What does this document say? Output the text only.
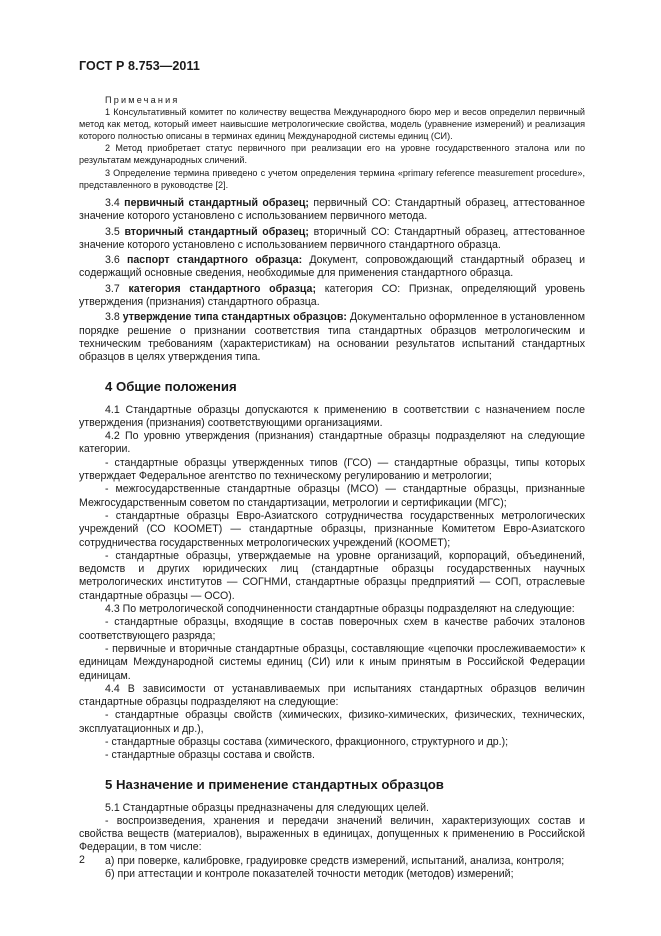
ГОСТ Р 8.753—2011

Примечания

1 Консультативный комитет по количеству вещества Международного бюро мер и весов определил первичный метод как метод, который имеет наивысшие метрологические свойства, модель (уравнение измерений) и реализация которого полностью описаны в терминах единиц Международной системы единиц (СИ).

2 Метод приобретает статус первичного при реализации его на уровне государственного эталона или по результатам международных сличений.

3 Определение термина приведено с учетом определения термина «primary reference measurement procedure», представленного в руководстве [2].

3.4 первичный стандартный образец; первичный СО: Стандартный образец, аттестованное значение которого установлено с использованием первичного метода.

3.5 вторичный стандартный образец; вторичный СО: Стандартный образец, аттестованное значение которого установлено с использованием первичного стандартного образца.

3.6 паспорт стандартного образца: Документ, сопровождающий стандартный образец и содержащий основные сведения, необходимые для применения стандартного образца.

3.7 категория стандартного образца; категория СО: Признак, определяющий уровень утверждения (признания) стандартного образца.

3.8 утверждение типа стандартных образцов: Документально оформленное в установленном порядке решение о признании соответствия типа стандартных образцов метрологическим и техническим требованиям (характеристикам) на основании результатов испытаний стандартных образцов в целях утверждения типа.

4 Общие положения

4.1 Стандартные образцы допускаются к применению в соответствии с назначением после утверждения (признания) соответствующими организациями.

4.2 По уровню утверждения (признания) стандартные образцы подразделяют на следующие категории.

- стандартные образцы утвержденных типов (ГСО) — стандартные образцы, типы которых утверждает Федеральное агентство по техническому регулированию и метрологии;

- межгосударственные стандартные образцы (МСО) — стандартные образцы, признанные Межгосударственным советом по стандартизации, метрологии и сертификации (МГС);

- стандартные образцы Евро-Азиатского сотрудничества государственных метрологических учреждений (СО КООМЕТ) — стандартные образцы, признанные Комитетом Евро-Азиатского сотрудничества государственных метрологических учреждений (КООМЕТ);

- стандартные образцы, утверждаемые на уровне организаций, корпораций, объединений, ведомств и других юридических лиц (стандартные образцы государственных научных метрологических институтов — СОГНМИ, стандартные образцы предприятий — СОП, отраслевые стандартные образцы — ОСО).

4.3 По метрологической соподчиненности стандартные образцы подразделяют на следующие:

- стандартные образцы, входящие в состав поверочных схем в качестве рабочих эталонов соответствующего разряда;

- первичные и вторичные стандартные образцы, составляющие «цепочки прослеживаемости» к единицам Международной системы единиц (СИ) или к иным принятым в Российской Федерации единицам.

4.4 В зависимости от устанавливаемых при испытаниях стандартных образцов величин стандартные образцы подразделяют на следующие:

- стандартные образцы свойств (химических, физико-химических, физических, технических, эксплуатационных и др.),

- стандартные образцы состава (химического, фракционного, структурного и др.);

- стандартные образцы состава и свойств.

5 Назначение и применение стандартных образцов

5.1 Стандартные образцы предназначены для следующих целей.

- воспроизведения, хранения и передачи значений величин, характеризующих состав и свойства веществ (материалов), выраженных в единицах, допущенных к применению в Российской Федерации, в том числе:

а) при поверке, калибровке, градуировке средств измерений, испытаний, анализа, контроля;

б) при аттестации и контроле показателей точности методик (методов) измерений;

2
